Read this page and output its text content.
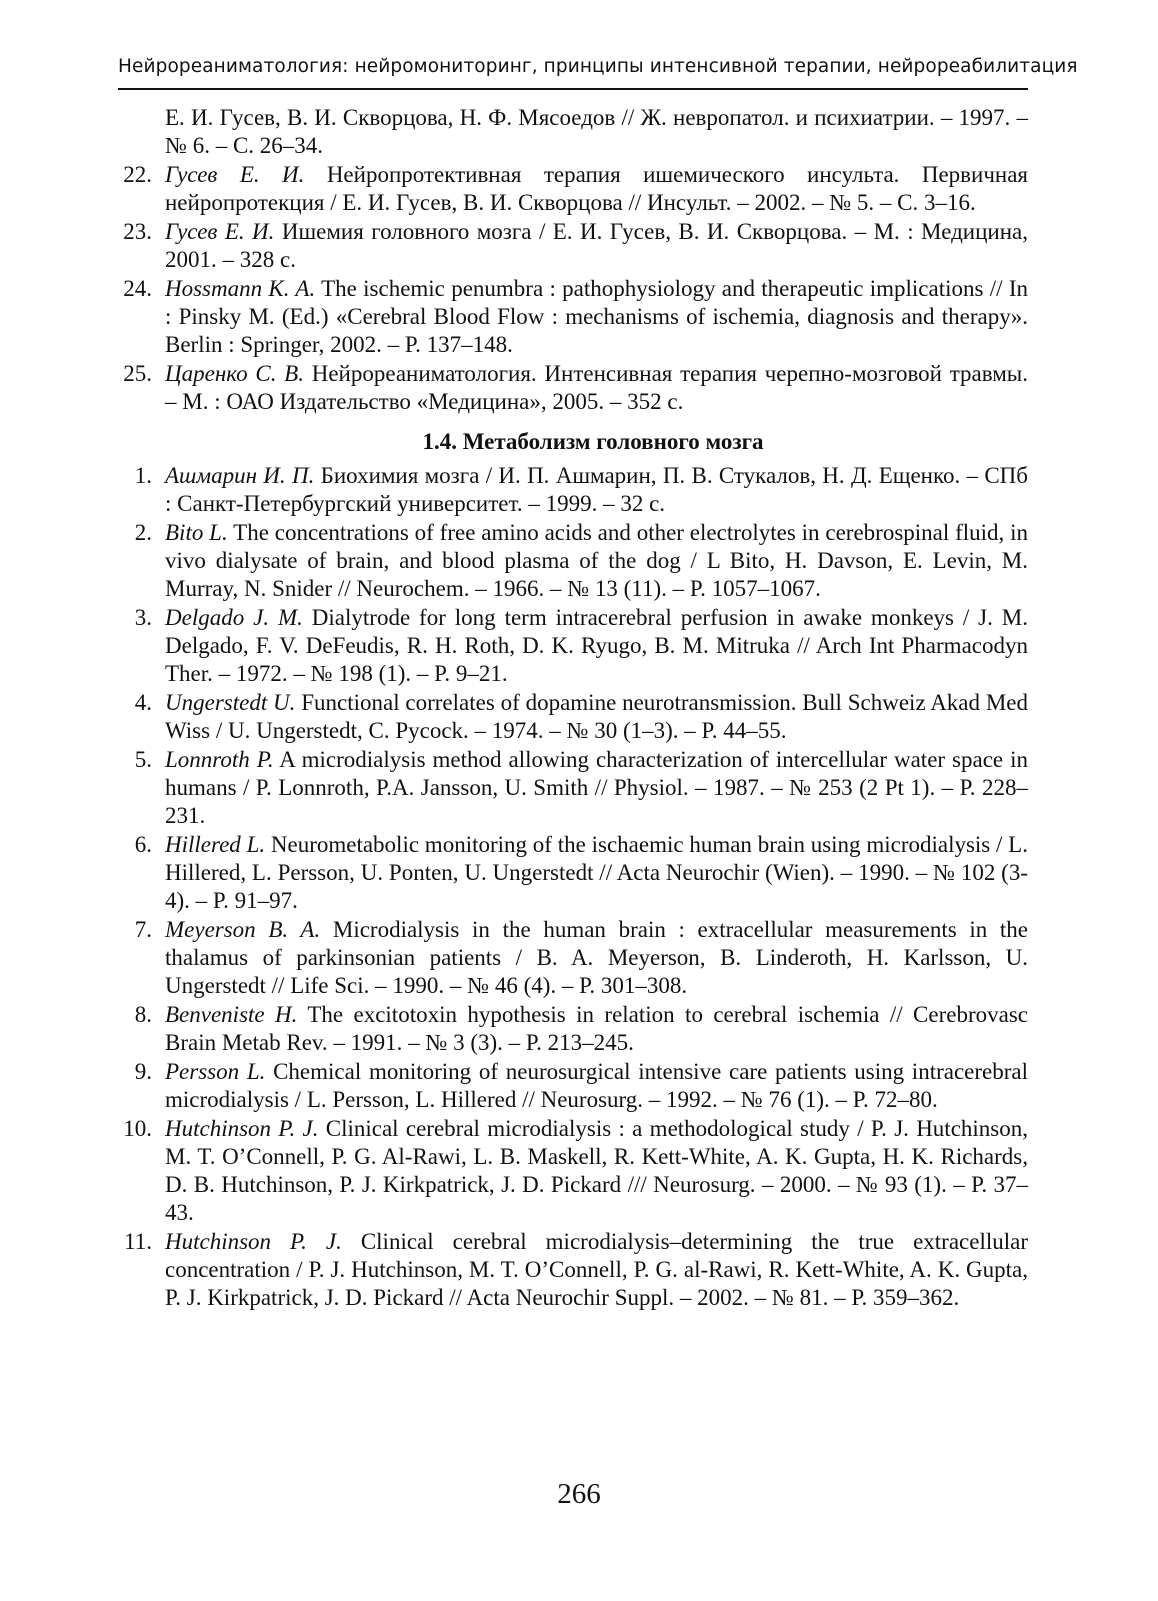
Нейрореаниматология: нейромониторинг, принципы интенсивной терапии, нейрореабилитация

Е. И. Гусев, В. И. Скворцова, Н. Ф. Мясоедов // Ж. невропатол. и психиатрии. – 1997. – № 6. – С. 26–34.

22. Гусев Е. И. Нейропротективная терапия ишемического инсульта. Первичная нейропротекция / Е. И. Гусев, В. И. Скворцова // Инсульт. – 2002. – № 5. – С. 3–16.

23. Гусев Е. И. Ишемия головного мозга / Е. И. Гусев, В. И. Скворцова. – М. : Медицина, 2001. – 328 с.

24. Hossmann K. A. The ischemic penumbra : pathophysiology and therapeutic implications // In : Pinsky M. (Ed.) «Cerebral Blood Flow : mechanisms of ischemia, diagnosis and therapy». Berlin : Springer, 2002. – P. 137–148.

25. Царенко С. В. Нейрореаниматология. Интенсивная терапия черепно-мозговой травмы. – М. : ОАО Издательство «Медицина», 2005. – 352 с.

1.4. Метаболизм головного мозга

1. Ашмарин И. П. Биохимия мозга / И. П. Ашмарин, П. В. Стукалов, Н. Д. Ещенко. – СПб : Санкт-Петербургский университет. – 1999. – 32 с.

2. Bito L. The concentrations of free amino acids and other electrolytes in cerebrospinal fluid, in vivo dialysate of brain, and blood plasma of the dog / L Bito, H. Davson, E. Levin, M. Murray, N. Snider // Neurochem. – 1966. – № 13 (11). – P. 1057–1067.

3. Delgado J. M. Dialytrode for long term intracerebral perfusion in awake monkeys / J. M. Delgado, F. V. DeFeudis, R. H. Roth, D. K. Ryugo, B. M. Mitruka // Arch Int Pharmacodyn Ther. – 1972. – № 198 (1). – P. 9–21.

4. Ungerstedt U. Functional correlates of dopamine neurotransmission. Bull Schweiz Akad Med Wiss / U. Ungerstedt, C. Pycock. – 1974. – № 30 (1–3). – P. 44–55.

5. Lonnroth P. A microdialysis method allowing characterization of intercellular water space in humans / P. Lonnroth, P.A. Jansson, U. Smith // Physiol. – 1987. – № 253 (2 Pt 1). – P. 228–231.

6. Hillered L. Neurometabolic monitoring of the ischaemic human brain using microdialysis / L. Hillered, L. Persson, U. Ponten, U. Ungerstedt // Acta Neurochir (Wien). – 1990. – № 102 (3-4). – P. 91–97.

7. Meyerson B. A. Microdialysis in the human brain : extracellular measurements in the thalamus of parkinsonian patients / B. A. Meyerson, B. Linderoth, H. Karlsson, U. Ungerstedt // Life Sci. – 1990. – № 46 (4). – P. 301–308.

8. Benveniste H. The excitotoxin hypothesis in relation to cerebral ischemia // Cerebrovasc Brain Metab Rev. – 1991. – № 3 (3). – P. 213–245.

9. Persson L. Chemical monitoring of neurosurgical intensive care patients using intracerebral microdialysis / L. Persson, L. Hillered // Neurosurg. – 1992. – № 76 (1). – P. 72–80.

10. Hutchinson P. J. Clinical cerebral microdialysis : a methodological study / P. J. Hutchinson, M. T. O’Connell, P. G. Al-Rawi, L. B. Maskell, R. Kett-White, A. K. Gupta, H. K. Richards, D. B. Hutchinson, P. J. Kirkpatrick, J. D. Pickard /// Neurosurg. – 2000. – № 93 (1). – P. 37–43.

11. Hutchinson P. J. Clinical cerebral microdialysis–determining the true extracellular concentration / P. J. Hutchinson, M. T. O’Connell, P. G. al-Rawi, R. Kett-White, A. K. Gupta, P. J. Kirkpatrick, J. D. Pickard // Acta Neurochir Suppl. – 2002. – № 81. – P. 359–362.

266
